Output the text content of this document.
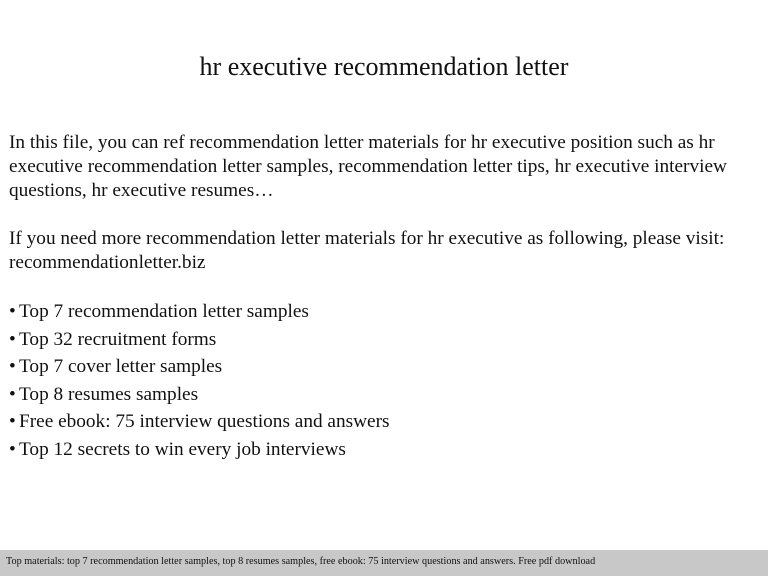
hr executive recommendation letter
In this file, you can ref recommendation letter materials for hr executive position such as hr executive recommendation letter samples, recommendation letter tips, hr executive interview questions, hr executive resumes…
If you need more recommendation letter materials for hr executive as following, please visit: recommendationletter.biz
• Top 7 recommendation letter samples
• Top 32 recruitment forms
• Top 7 cover letter samples
• Top 8 resumes samples
• Free ebook: 75 interview questions and answers
• Top 12 secrets to win every job interviews
Top materials: top 7 recommendation letter samples, top 8 resumes samples, free ebook: 75 interview questions and answers. Free pdf download
